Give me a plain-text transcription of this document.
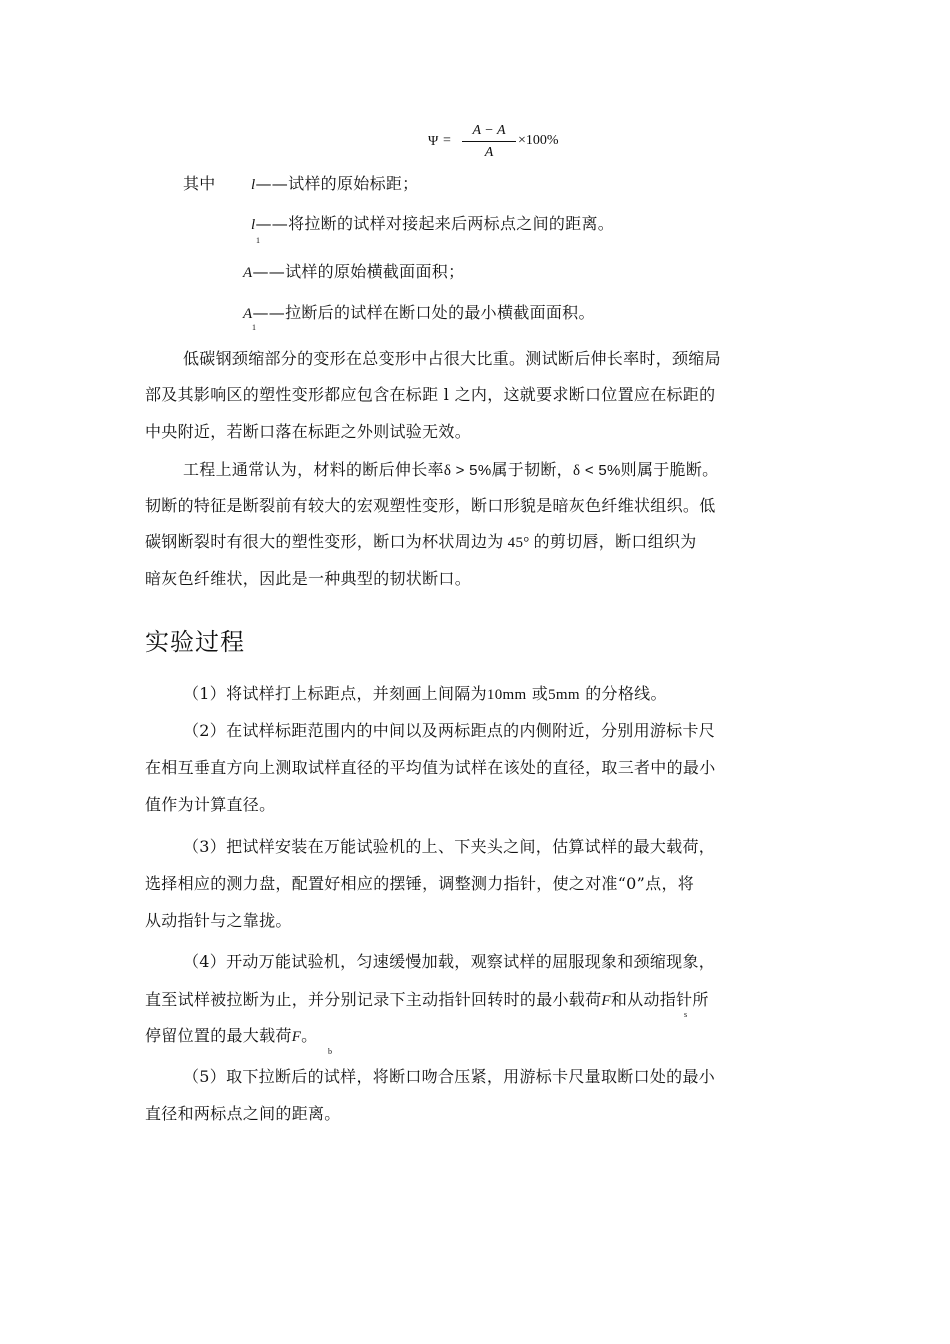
Ψ =
A − A
A
×100%
其中 l——试样的原始标距；
l——将拉断的试样对接起来后两标点之间的距离。
1
A——试样的原始横截面面积；
A——拉断后的试样在断口处的最小横截面面积。
1
低碳钢颈缩部分的变形在总变形中占很大比重。测试断后伸长率时，颈缩局
部及其影响区的塑性变形都应包含在标距 l 之内，这就要求断口位置应在标距的
中央附近，若断口落在标距之外则试验无效。
工程上通常认为，材料的断后伸长率δ > 5%属于韧断，δ < 5%则属于脆断。
韧断的特征是断裂前有较大的宏观塑性变形，断口形貌是暗灰色纤维状组织。低
碳钢断裂时有很大的塑性变形，断口为杯状周边为 45° 的剪切唇，断口组织为
暗灰色纤维状，因此是一种典型的韧状断口。
实验过程
（1）将试样打上标距点，并刻画上间隔为10mm 或5mm 的分格线。
（2）在试样标距范围内的中间以及两标距点的内侧附近，分别用游标卡尺
在相互垂直方向上测取试样直径的平均值为试样在该处的直径，取三者中的最小
值作为计算直径。
（3）把试样安装在万能试验机的上、下夹头之间，估算试样的最大载荷，
选择相应的测力盘，配置好相应的摆锤，调整测力指针，使之对准“0”点，将
从动指针与之靠拢。
（4）开动万能试验机，匀速缓慢加载，观察试样的屈服现象和颈缩现象，
直至试样被拉断为止，并分别记录下主动指针回转时的最小载荷F和从动指针所
s
停留位置的最大载荷F。
b
（5）取下拉断后的试样，将断口吻合压紧，用游标卡尺量取断口处的最小
直径和两标点之间的距离。
